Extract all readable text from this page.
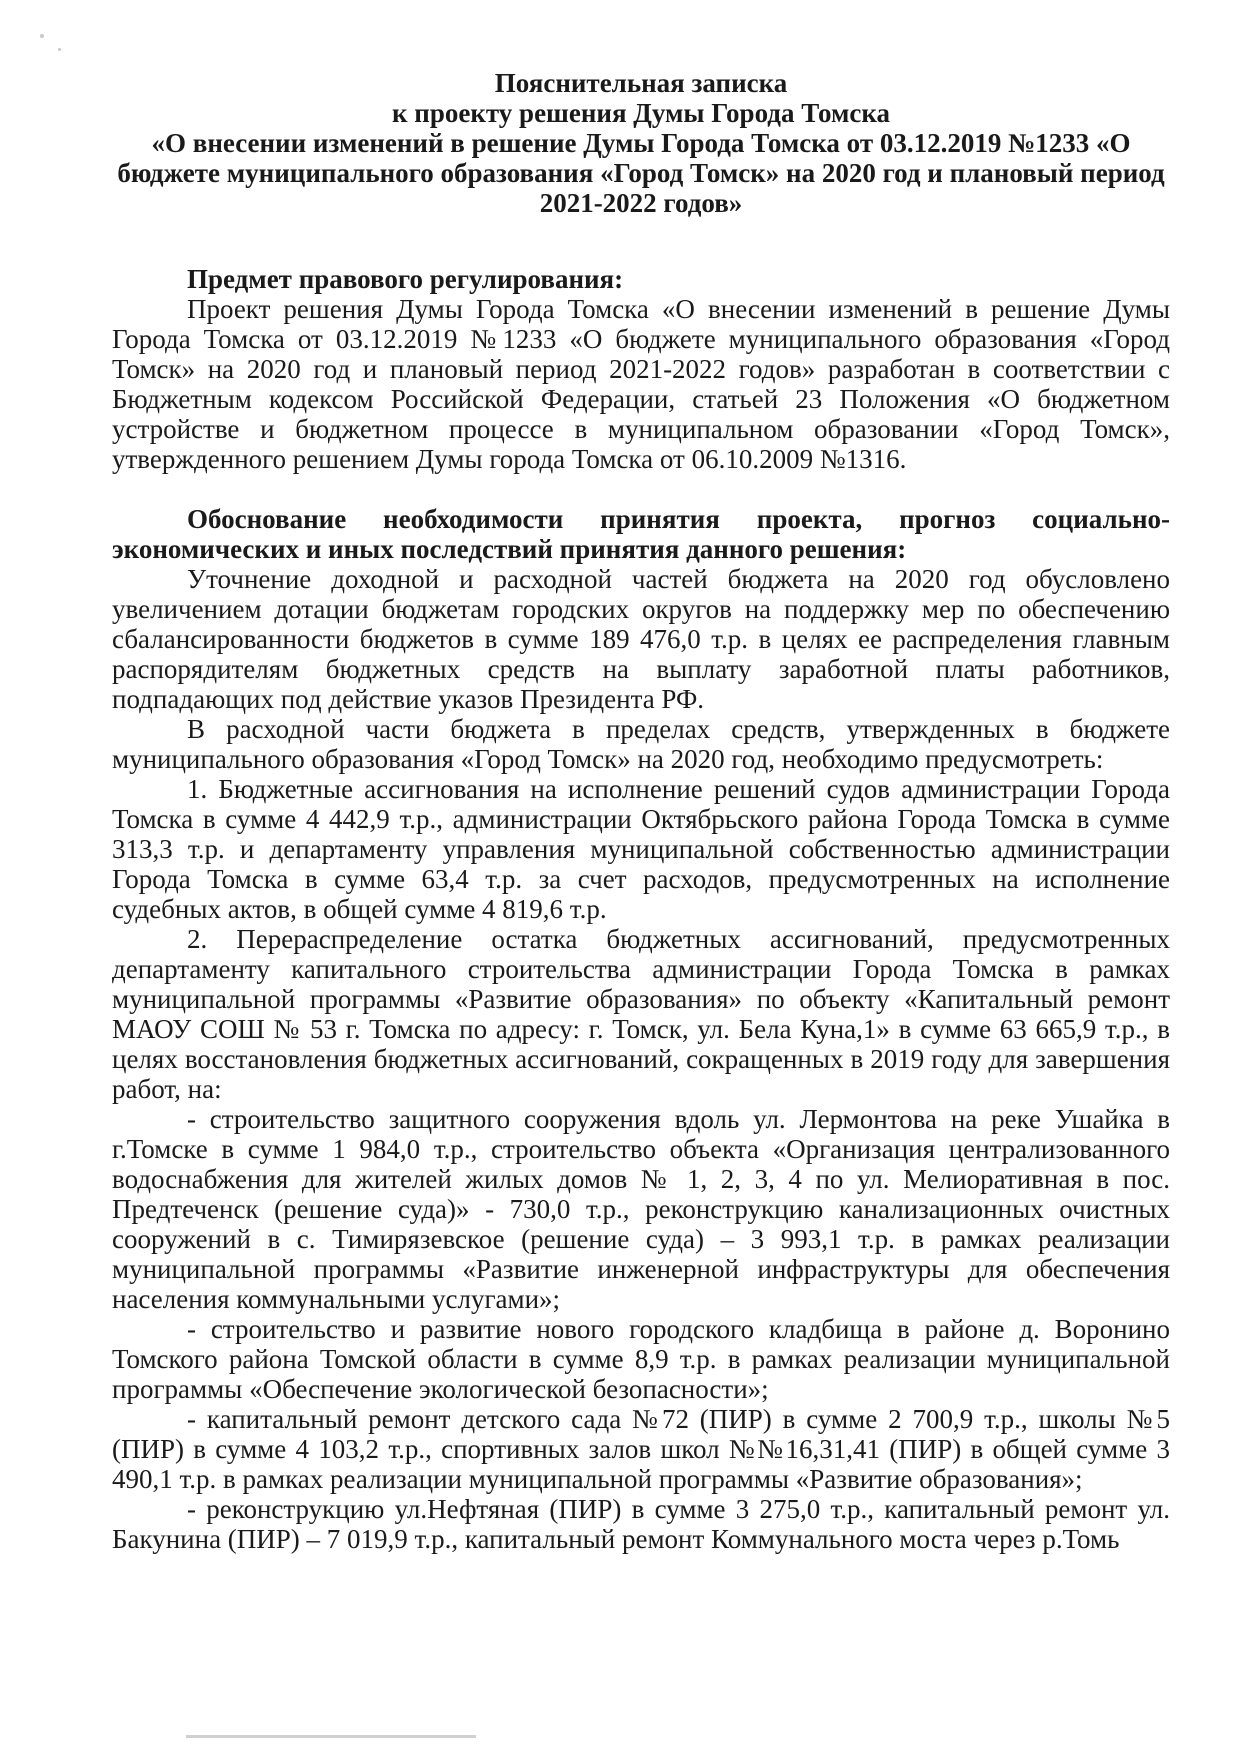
Пояснительная записка
к проекту решения Думы Города Томска
«О внесении изменений в решение Думы Города Томска от 03.12.2019 №1233 «О
бюджете муниципального образования «Город Томск» на 2020 год и плановый период
2021-2022 годов»

Предмет правового регулирования:

Проект решения Думы Города Томска «О внесении изменений в решение Думы Города Томска от 03.12.2019 №1233 «О бюджете муниципального образования «Город Томск» на 2020 год и плановый период 2021-2022 годов» разработан в соответствии с Бюджетным кодексом Российской Федерации, статьей 23 Положения «О бюджетном устройстве и бюджетном процессе в муниципальном образовании «Город Томск», утвержденного решением Думы города Томска от 06.10.2009 №1316.

Обоснование необходимости принятия проекта, прогноз социально-экономических и иных последствий принятия данного решения:

Уточнение доходной и расходной частей бюджета на 2020 год обусловлено увеличением дотации бюджетам городских округов на поддержку мер по обеспечению сбалансированности бюджетов в сумме 189 476,0 т.р. в целях ее распределения главным распорядителям бюджетных средств на выплату заработной платы работников, подпадающих под действие указов Президента РФ.

В расходной части бюджета в пределах средств, утвержденных в бюджете муниципального образования «Город Томск» на 2020 год, необходимо предусмотреть:

1. Бюджетные ассигнования на исполнение решений судов администрации Города Томска в сумме 4 442,9 т.р., администрации Октябрьского района Города Томска в сумме 313,3 т.р. и департаменту управления муниципальной собственностью администрации Города Томска в сумме 63,4 т.р. за счет расходов, предусмотренных на исполнение судебных актов, в общей сумме 4 819,6 т.р.

2. Перераспределение остатка бюджетных ассигнований, предусмотренных департаменту капитального строительства администрации Города Томска в рамках муниципальной программы «Развитие образования» по объекту «Капитальный ремонт МАОУ СОШ № 53 г. Томска по адресу: г. Томск, ул. Бела Куна,1» в сумме 63 665,9 т.р., в целях восстановления бюджетных ассигнований, сокращенных в 2019 году для завершения работ, на:

- строительство защитного сооружения вдоль ул. Лермонтова на реке Ушайка в г.Томске в сумме 1 984,0 т.р., строительство объекта «Организация централизованного водоснабжения для жителей жилых домов № 1, 2, 3, 4 по ул. Мелиоративная в пос. Предтеченск (решение суда)» - 730,0 т.р., реконструкцию канализационных очистных сооружений в с. Тимирязевское (решение суда) – 3 993,1 т.р. в рамках реализации муниципальной программы «Развитие инженерной инфраструктуры для обеспечения населения коммунальными услугами»;

- строительство и развитие нового городского кладбища в районе д. Воронино Томского района Томской области в сумме 8,9 т.р. в рамках реализации муниципальной программы «Обеспечение экологической безопасности»;

- капитальный ремонт детского сада №72 (ПИР) в сумме 2 700,9 т.р., школы №5 (ПИР) в сумме 4 103,2 т.р., спортивных залов школ №№16,31,41 (ПИР) в общей сумме 3 490,1 т.р. в рамках реализации муниципальной программы «Развитие образования»;

- реконструкцию ул.Нефтяная (ПИР) в сумме 3 275,0 т.р., капитальный ремонт ул. Бакунина (ПИР) – 7 019,9 т.р., капитальный ремонт Коммунального моста через р.Томь
